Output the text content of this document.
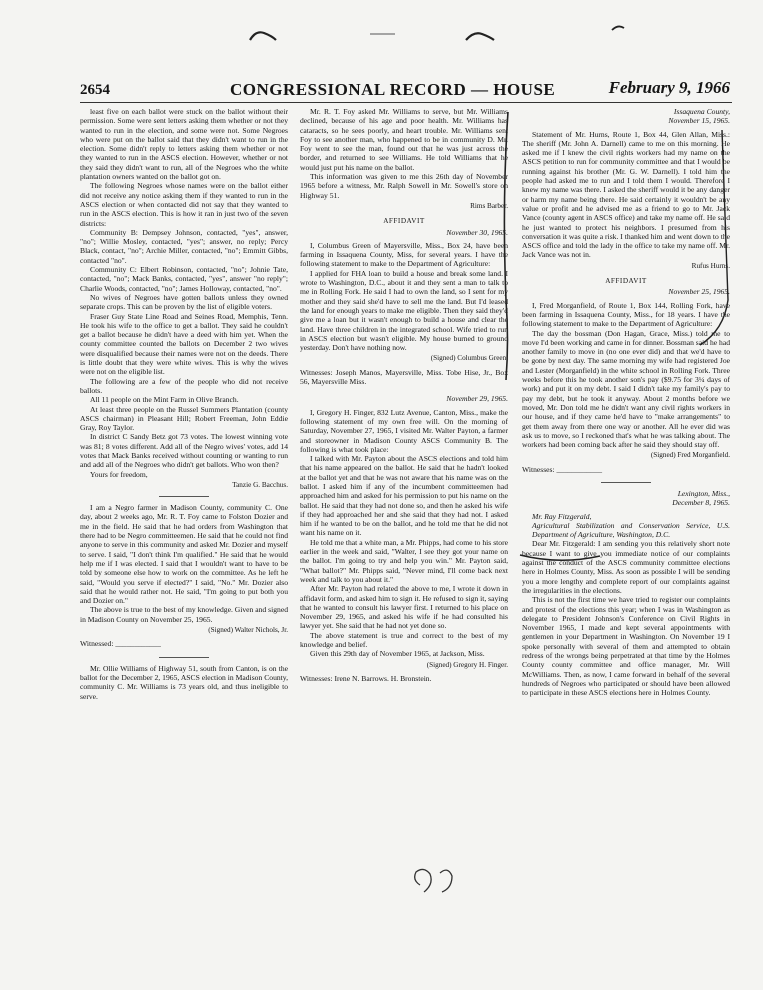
2654	CONGRESSIONAL RECORD — HOUSE	February 9, 1966

least five on each ballot were stuck on the ballot without their permission. Some were sent letters asking them whether or not they wanted to run in the election, and some were not. Some Negroes who were put on the ballot said that they didn't want to run in the election. Some didn't reply to letters asking them whether or not they wanted to run in the ASCS election. However, whether or not they said they didn't want to run, all of the Negroes who the white plantation owners wanted on the ballot got on.

The following Negroes whose names were on the ballot either did not receive any notice asking them if they wanted to run in the ASCS election or when contacted did not say that they wanted to run in the ASCS election. This is how it ran in just two of the seven districts:

Community B: Dempsey Johnson, contacted, "yes", answer, "no"; Willie Mosley, contacted, "yes"; answer, no reply; Percy Black, contact, "no"; Archie Miller, contacted, "no"; Emmitt Gibbs, contacted "no".

Community C: Elbert Robinson, contacted, "no"; Johnie Tate, contacted, "no"; Mack Banks, contacted, "yes", answer "no reply"; Charlie Woods, contacted, "no"; James Holloway, contacted, "no".

No wives of Negroes have gotten ballots unless they owned separate crops. This can be proven by the list of eligible voters.

Fraser Guy State Line Road and Seines Road, Memphis, Tenn. He took his wife to the office to get a ballot. They said he couldn't get a ballot because he didn't have a deed with him yet. When the county committee counted the ballots on December 2 two wives were disqualified because their names were not on the deeds. There is little doubt that they were white wives. This is why the wives were not on the eligible list.

The following are a few of the people who did not receive ballots.

All 11 people on the Mint Farm in Olive Branch.

At least three people on the Russel Summers Plantation (county ASCS chairman) in Pleasant Hill; Robert Freeman, John Eddie Gray, Roy Taylor.

In district C Sandy Betz got 73 votes. The lowest winning vote was 81; 8 votes different. Add all of the Negro wives' votes, add 14 votes that Mack Banks received without counting or wanting to run and add all of the Negroes who didn't get ballots. Who won then?

Yours for freedom,

Tanzie G. Bacchus.

I am a Negro farmer in Madison County, community C. One day, about 2 weeks ago, Mr. R. T. Foy came to Folston Dozier and me in the field. He said that he had orders from Washington that there had to be Negro committeemen. He said that he could not find anyone to serve in this community and asked Mr. Dozier and myself to serve. I said, "I don't think I'm qualified." He said that he would help me if I was elected. I said that I wouldn't want to have to be told by someone else how to work on the committee. As he left he said, "Would you serve if elected?" I said, "No." Mr. Dozier also said that he would rather not. He said, "I'm going to put both you and Dozier on."

The above is true to the best of my knowledge. Given and signed in Madison County on November 25, 1965.

(Signed) Walter Nichols, Jr.

Witnessed: ____________

Mr. Ollie Williams of Highway 51, south from Canton, is on the ballot for the December 2, 1965, ASCS election in Madison County, community C. Mr. Williams is 73 years old, and thus ineligible to serve.

Mr. R. T. Foy asked Mr. Williams to serve, but Mr. Williams declined, because of his age and poor health. Mr. Williams has cataracts, so he sees poorly, and heart trouble. Mr. Williams sent Foy to see another man, who happened to be in community D. Mr. Foy went to see the man, found out that he was just across the border, and returned to see Williams. He told Williams that he would just put his name on the ballot.

This information was given to me this 26th day of November 1965 before a witness, Mr. Ralph Sowell in Mr. Sowell's store on Highway 51.

Rims Barber.

AFFIDAVIT

November 30, 1965.

I, Columbus Green of Mayersville, Miss., Box 24, have been farming in Issaquena County, Miss, for several years. I have the following statement to make to the Department of Agriculture:

I applied for FHA loan to build a house and break some land. I wrote to Washington, D.C., about it and they sent a man to talk to me in Rolling Fork. He said I had to own the land, so I sent for my mother and they said she'd have to sell me the land. But I'd leased the land for enough years to make me eligible. Then they said they'd give me a loan but it wasn't enough to build a house and clear the land. Have three children in the integrated school. Wife tried to run in ASCS election but wasn't eligible. My house burned to ground yesterday. Don't have nothing now.

(Signed) Columbus Green.

Witnesses: Joseph Manos, Mayersville, Miss. Tobe Hise, Jr., Box 56, Mayersville Miss.

November 29, 1965.

I, Gregory H. Finger, 832 Lutz Avenue, Canton, Miss., make the following statement of my own free will. On the morning of Saturday, November 27, 1965, I visited Mr. Walter Payton, a farmer and storeowner in Madison County ASCS Community B. The following is what took place:

I talked with Mr. Payton about the ASCS elections and told him that his name appeared on the ballot. He said that he hadn't looked at the ballot yet and that he was not aware that his name was on the ballot. I asked him if any of the incumbent committeemen had approached him and asked for his permission to put his name on the ballot. He said that they had not done so, and then he asked his wife if they had approached her and she said that they had not. I asked him if he wanted to be on the ballot, and he told me that he did not want his name on it.

He told me that a white man, a Mr. Phipps, had come to his store earlier in the week and said, "Walter, I see they got your name on the ballot. I'm going to try and help you win." Mr. Payton said, "What ballot?" Mr. Phipps said, "Never mind, I'll come back next week and talk to you about it."

After Mr. Payton had related the above to me, I wrote it down in affidavit form, and asked him to sign it. He refused to sign it, saying that he wanted to consult his lawyer first. I returned to his place on November 29, 1965, and asked his wife if he had consulted his lawyer yet. She said that he had not yet done so.

The above statement is true and correct to the best of my knowledge and belief.

Given this 29th day of November 1965, at Jackson, Miss.

(Signed) Gregory H. Finger.

Witnesses: Irene N. Barrows. H. Bronstein.

Issaquena County,

November 15, 1965.

Statement of Mr. Hurns, Route 1, Box 44, Glen Allan, Miss.: The sheriff (Mr. John A. Darnell) came to me on this morning. He asked me if I knew the civil rights workers had my name on the ASCS petition to run for community committee and that I would be running against his brother (Mr. G. W. Darnell). I told him the people had asked me to run and I told them I would. Therefore I knew my name was there. I asked the sheriff would it be any danger or harm my name being there. He said certainly it wouldn't be any value or profit and he advised me as a friend to go to Mr. Jack Vance (county agent in ASCS office) and take my name off. He said he just wanted to protect his neighbors. I presumed from his conversation it was quite a risk. I thanked him and went down to the ASCS office and told the lady in the office to take my name off. Mr. Jack Vance was not in.

Rufus Hurns.

AFFIDAVIT

November 25, 1965.

I, Fred Morganfield, of Route 1, Box 144, Rolling Fork, have been farming in Issaquena County, Miss., for 18 years. I have the following statement to make to the Department of Agriculture:

The day the bossman (Don Hagan, Grace, Miss.) told me to move I'd been working and came in for dinner. Bossman said he had another family to move in (no one ever did) and that we'd have to be gone by next day. The same morning my wife had registered Joe and Lester (Morganfield) in the white school in Rolling Fork. Three weeks before this he took another son's pay ($9.75 for 3¼ days of work) and put it on my debt. I said I didn't take my family's pay to pay my debt, but he took it anyway. About 2 months before we moved, Mr. Don told me he didn't want any civil rights workers in our house, and if they came he'd have to "make arrangements" to get them away from there one way or another. All he ever did was ask us to move, so I reckoned that's what he was talking about. The workers had been coming back after he said they should stay off.

(Signed) Fred Morganfield.

Witnesses: ____________

Lexington, Miss.,

December 8, 1965.

Mr. Ray Fitzgerald,

Agricultural Stabilization and Conservation Service, U.S. Department of Agriculture, Washington, D.C.

Dear Mr. Fitzgerald: I am sending you this relatively short note because I want to give you immediate notice of our complaints against the conduct of the ASCS community committee elections here in Holmes County, Miss. As soon as possible I will be sending you a more lengthy and complete report of our complaints against the irregularities in the elections.

This is not the first time we have tried to register our complaints and protest of the elections this year; when I was in Washington as delegate to President Johnson's Conference on Civil Rights in November 1965, I made and kept several appointments with gentlemen in your Department in Washington. On November 19 I spoke personally with several of them and attempted to obtain redress of the wrongs being perpetrated at that time by the Holmes County county committee and office manager, Mr. Will McWilliams. Then, as now, I came forward in behalf of the several hundreds of Negroes who participated or should have been allowed to participate in these ASCS elections here in Holmes County.
